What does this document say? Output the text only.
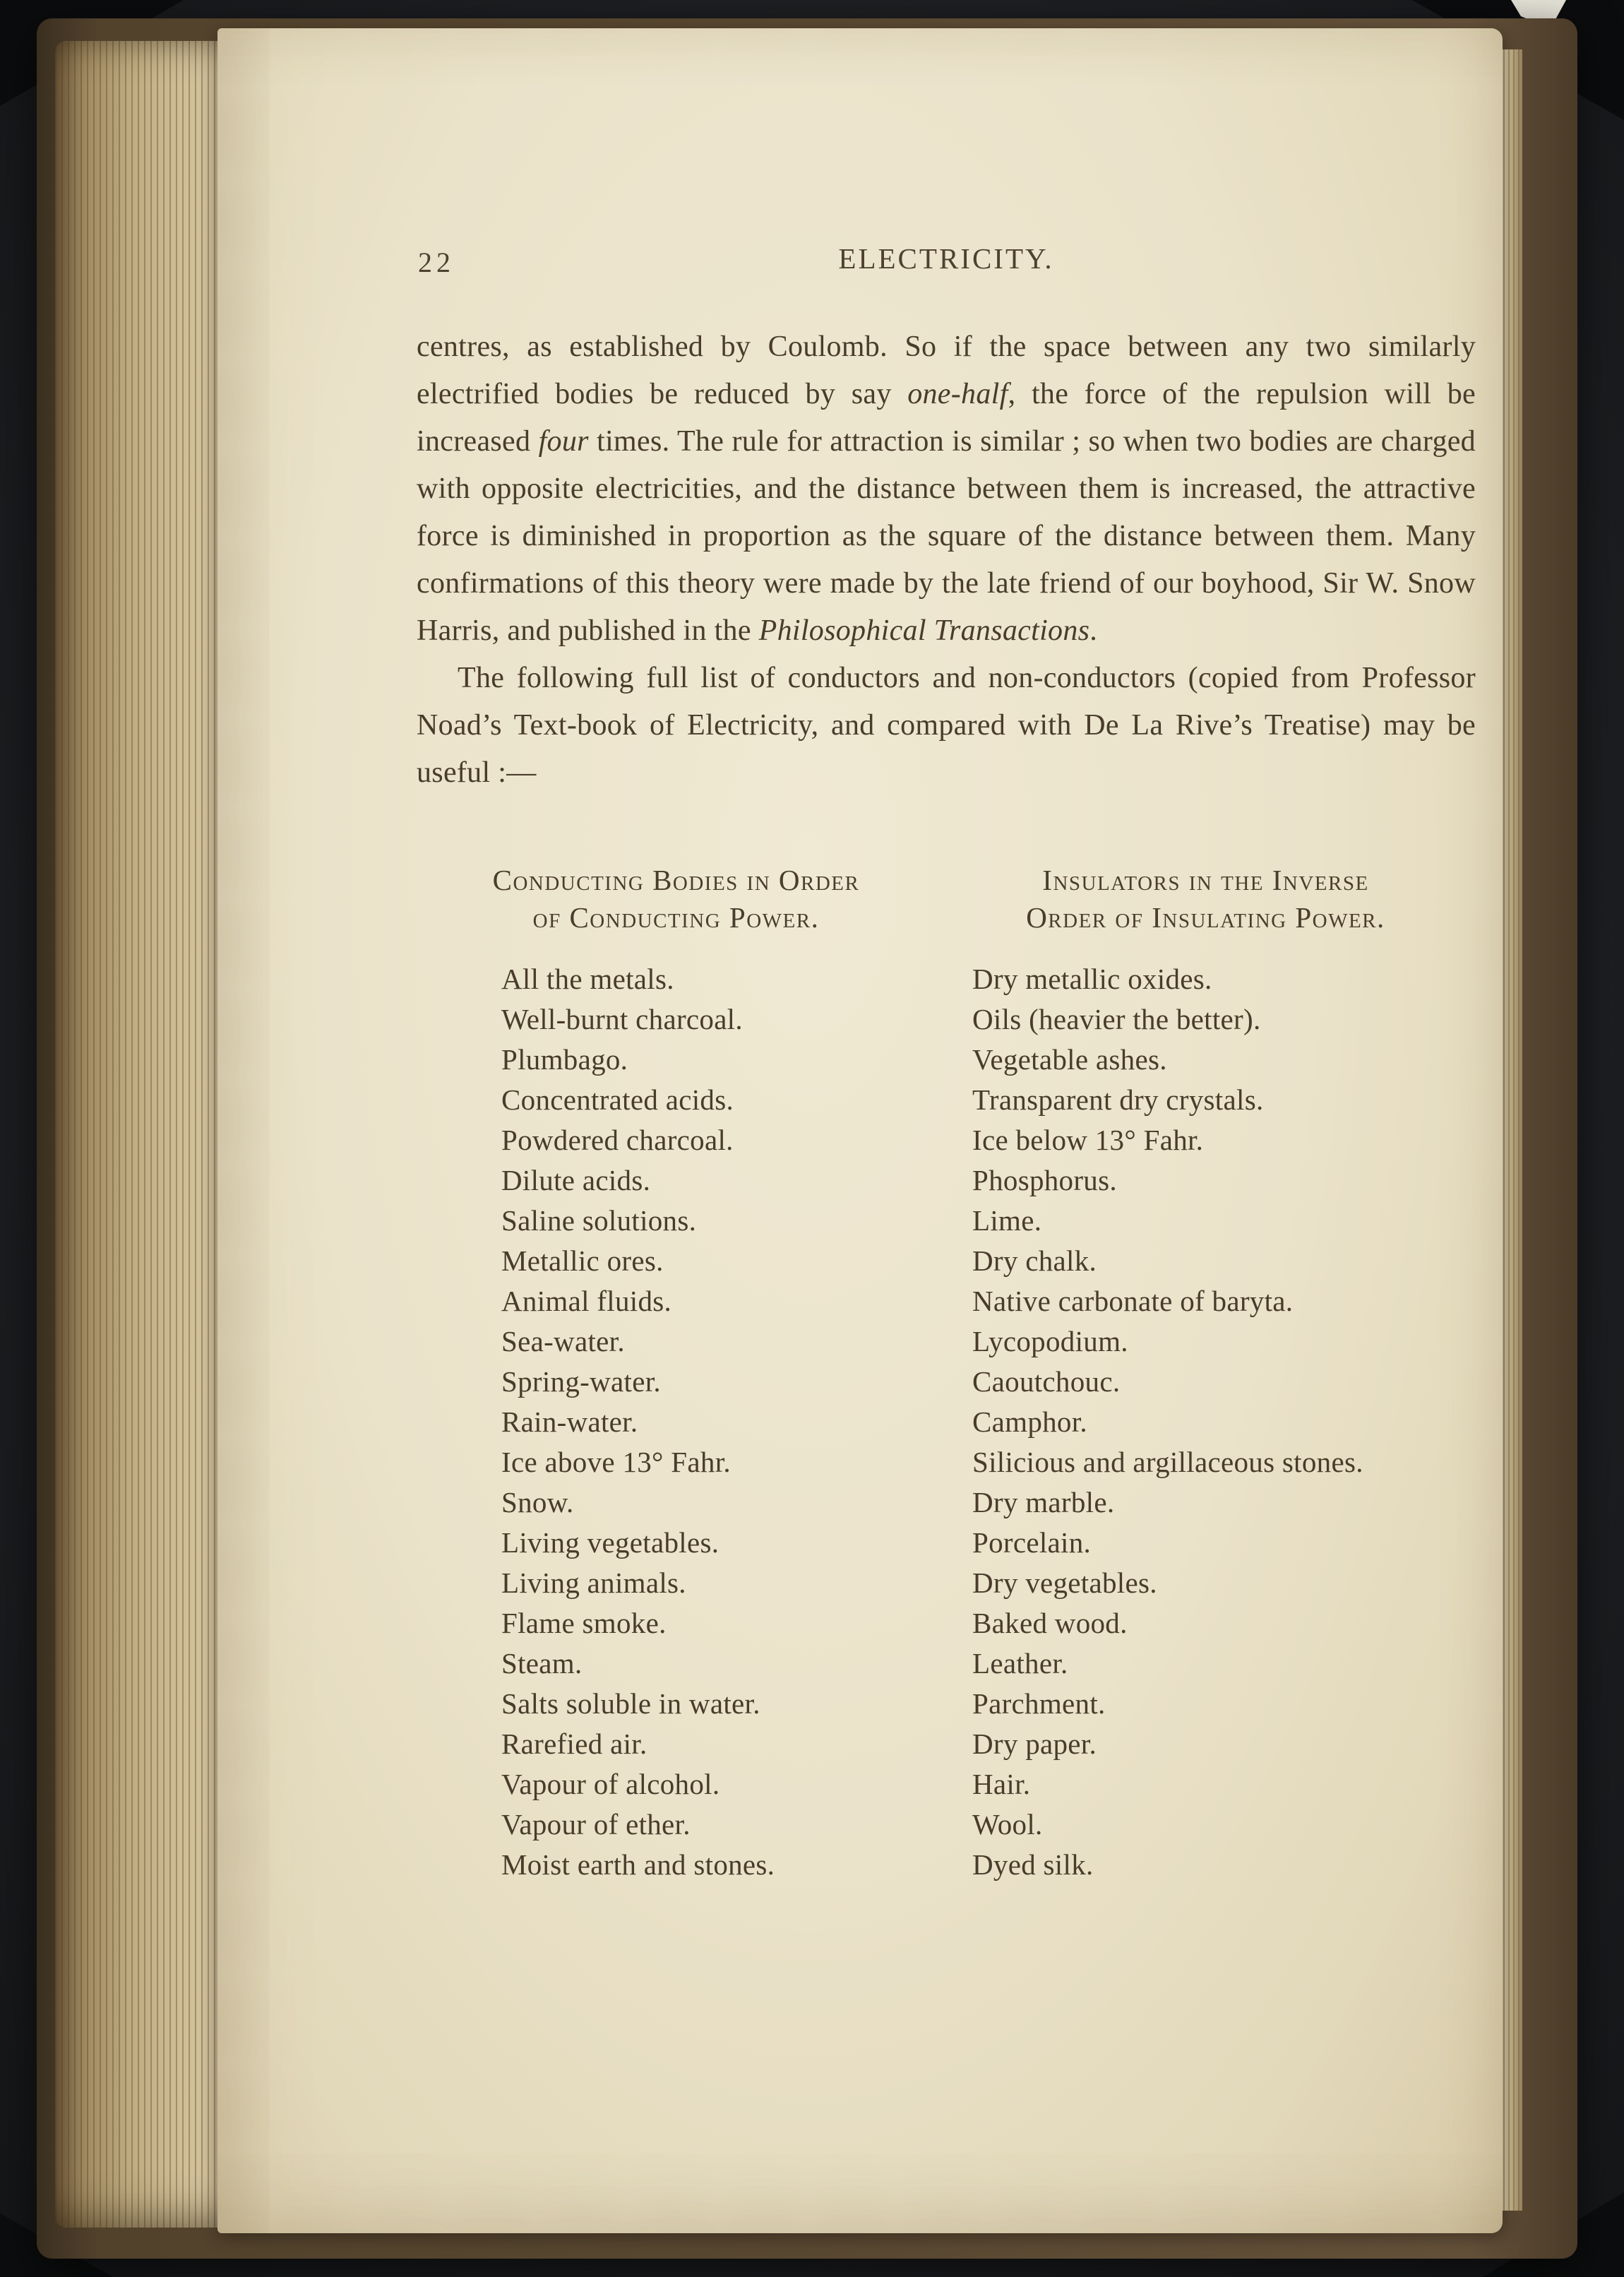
22	ELECTRICITY.

centres, as established by Coulomb. So if the space between any two similarly electrified bodies be reduced by say one-half, the force of the repulsion will be increased four times. The rule for attraction is similar ; so when two bodies are charged with opposite electricities, and the distance between them is increased, the attractive force is diminished in proportion as the square of the distance between them. Many confirmations of this theory were made by the late friend of our boyhood, Sir W. Snow Harris, and published in the Philosophical Transactions.

The following full list of conductors and non-conductors (copied from Professor Noad’s Text-book of Electricity, and compared with De La Rive’s Treatise) may be useful :—

Conducting Bodies in Order
of Conducting Power.
All the metals.
Well-burnt charcoal.
Plumbago.
Concentrated acids.
Powdered charcoal.
Dilute acids.
Saline solutions.
Metallic ores.
Animal fluids.
Sea-water.
Spring-water.
Rain-water.
Ice above 13° Fahr.
Snow.
Living vegetables.
Living animals.
Flame smoke.
Steam.
Salts soluble in water.
Rarefied air.
Vapour of alcohol.
Vapour of ether.
Moist earth and stones.
Insulators in the Inverse
Order of Insulating Power.
Dry metallic oxides.
Oils (heavier the better).
Vegetable ashes.
Transparent dry crystals.
Ice below 13° Fahr.
Phosphorus.
Lime.
Dry chalk.
Native carbonate of baryta.
Lycopodium.
Caoutchouc.
Camphor.
Silicious and argillaceous stones.
Dry marble.
Porcelain.
Dry vegetables.
Baked wood.
Leather.
Parchment.
Dry paper.
Hair.
Wool.
Dyed silk.
